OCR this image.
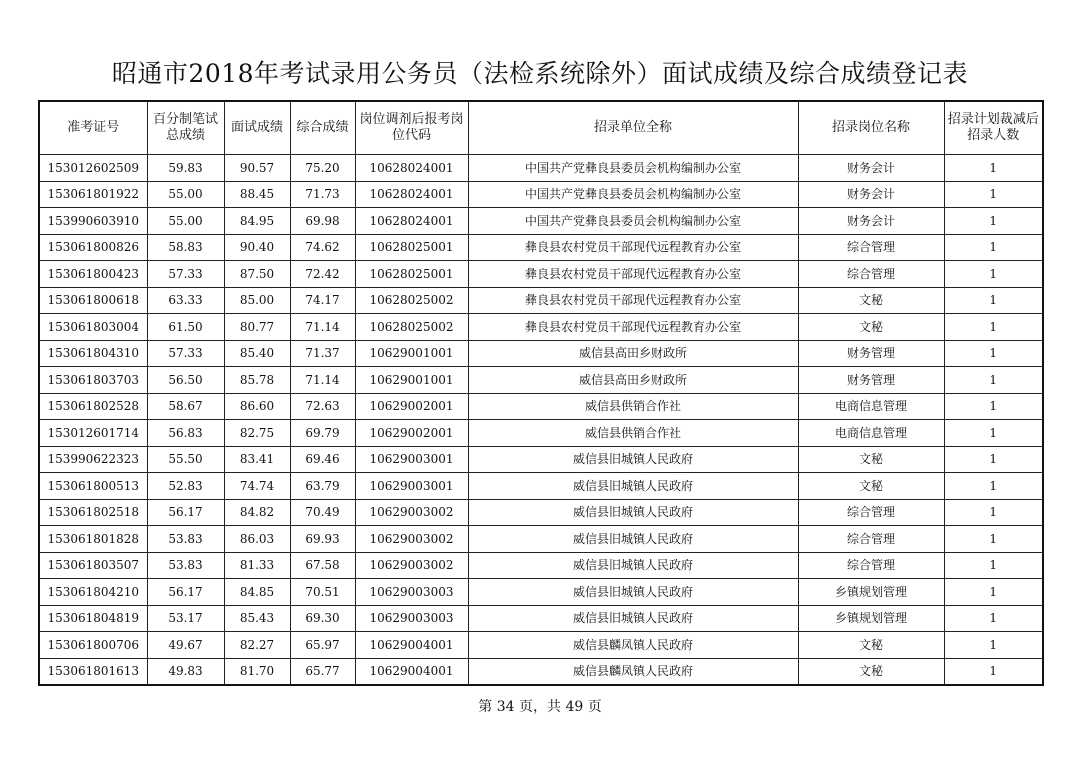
昭通市2018年考试录用公务员（法检系统除外）面试成绩及综合成绩登记表
准考证号	百分制笔试总成绩	面试成绩	综合成绩	岗位调剂后报考岗位代码	招录单位全称	招录岗位名称	招录计划裁减后招录人数
153012602509	59.83	90.57	75.20	10628024001	中国共产党彝良县委员会机构编制办公室	财务会计	1
153061801922	55.00	88.45	71.73	10628024001	中国共产党彝良县委员会机构编制办公室	财务会计	1
153990603910	55.00	84.95	69.98	10628024001	中国共产党彝良县委员会机构编制办公室	财务会计	1
153061800826	58.83	90.40	74.62	10628025001	彝良县农村党员干部现代远程教育办公室	综合管理	1
153061800423	57.33	87.50	72.42	10628025001	彝良县农村党员干部现代远程教育办公室	综合管理	1
153061800618	63.33	85.00	74.17	10628025002	彝良县农村党员干部现代远程教育办公室	文秘	1
153061803004	61.50	80.77	71.14	10628025002	彝良县农村党员干部现代远程教育办公室	文秘	1
153061804310	57.33	85.40	71.37	10629001001	威信县高田乡财政所	财务管理	1
153061803703	56.50	85.78	71.14	10629001001	威信县高田乡财政所	财务管理	1
153061802528	58.67	86.60	72.63	10629002001	威信县供销合作社	电商信息管理	1
153012601714	56.83	82.75	69.79	10629002001	威信县供销合作社	电商信息管理	1
153990622323	55.50	83.41	69.46	10629003001	威信县旧城镇人民政府	文秘	1
153061800513	52.83	74.74	63.79	10629003001	威信县旧城镇人民政府	文秘	1
153061802518	56.17	84.82	70.49	10629003002	威信县旧城镇人民政府	综合管理	1
153061801828	53.83	86.03	69.93	10629003002	威信县旧城镇人民政府	综合管理	1
153061803507	53.83	81.33	67.58	10629003002	威信县旧城镇人民政府	综合管理	1
153061804210	56.17	84.85	70.51	10629003003	威信县旧城镇人民政府	乡镇规划管理	1
153061804819	53.17	85.43	69.30	10629003003	威信县旧城镇人民政府	乡镇规划管理	1
153061800706	49.67	82.27	65.97	10629004001	威信县麟凤镇人民政府	文秘	1
153061801613	49.83	81.70	65.77	10629004001	威信县麟凤镇人民政府	文秘	1
第 34 页，共 49 页
